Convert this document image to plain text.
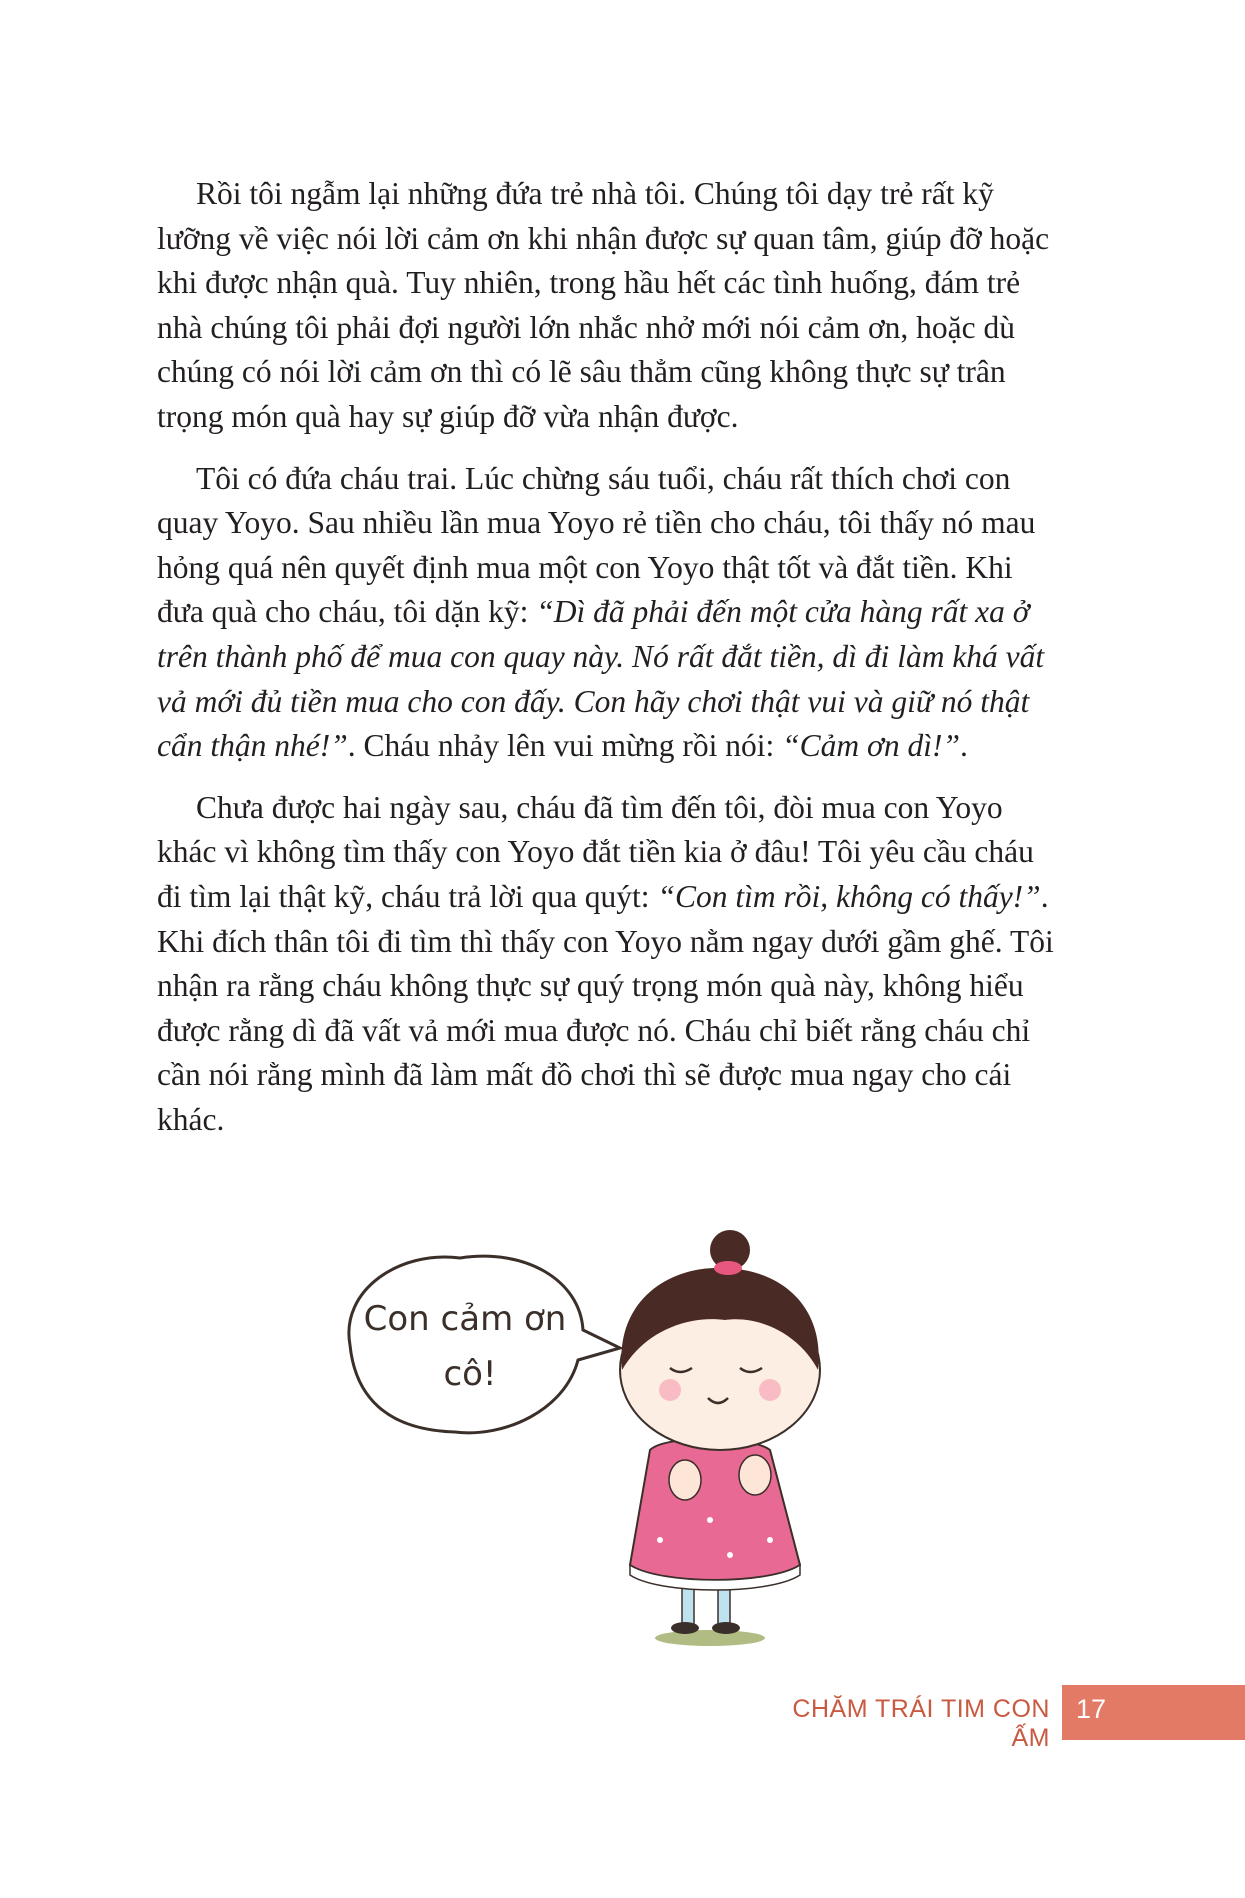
Rồi tôi ngẫm lại những đứa trẻ nhà tôi. Chúng tôi dạy trẻ rất kỹ lưỡng về việc nói lời cảm ơn khi nhận được sự quan tâm, giúp đỡ hoặc khi được nhận quà. Tuy nhiên, trong hầu hết các tình huống, đám trẻ nhà chúng tôi phải đợi người lớn nhắc nhở mới nói cảm ơn, hoặc dù chúng có nói lời cảm ơn thì có lẽ sâu thẳm cũng không thực sự trân trọng món quà hay sự giúp đỡ vừa nhận được.

Tôi có đứa cháu trai. Lúc chừng sáu tuổi, cháu rất thích chơi con quay Yoyo. Sau nhiều lần mua Yoyo rẻ tiền cho cháu, tôi thấy nó mau hỏng quá nên quyết định mua một con Yoyo thật tốt và đắt tiền. Khi đưa quà cho cháu, tôi dặn kỹ: “Dì đã phải đến một cửa hàng rất xa ở trên thành phố để mua con quay này. Nó rất đắt tiền, dì đi làm khá vất vả mới đủ tiền mua cho con đấy. Con hãy chơi thật vui và giữ nó thật cẩn thận nhé!”. Cháu nhảy lên vui mừng rồi nói: “Cảm ơn dì!”.

Chưa được hai ngày sau, cháu đã tìm đến tôi, đòi mua con Yoyo khác vì không tìm thấy con Yoyo đắt tiền kia ở đâu! Tôi yêu cầu cháu đi tìm lại thật kỹ, cháu trả lời qua quýt: “Con tìm rồi, không có thấy!”. Khi đích thân tôi đi tìm thì thấy con Yoyo nằm ngay dưới gầm ghế. Tôi nhận ra rằng cháu không thực sự quý trọng món quà này, không hiểu được rằng dì đã vất vả mới mua được nó. Cháu chỉ biết rằng cháu chỉ cần nói rằng mình đã làm mất đồ chơi thì sẽ được mua ngay cho cái khác.

Con cảm ơn
cô!
CHĂM TRÁI TIM CON ẤM
17
